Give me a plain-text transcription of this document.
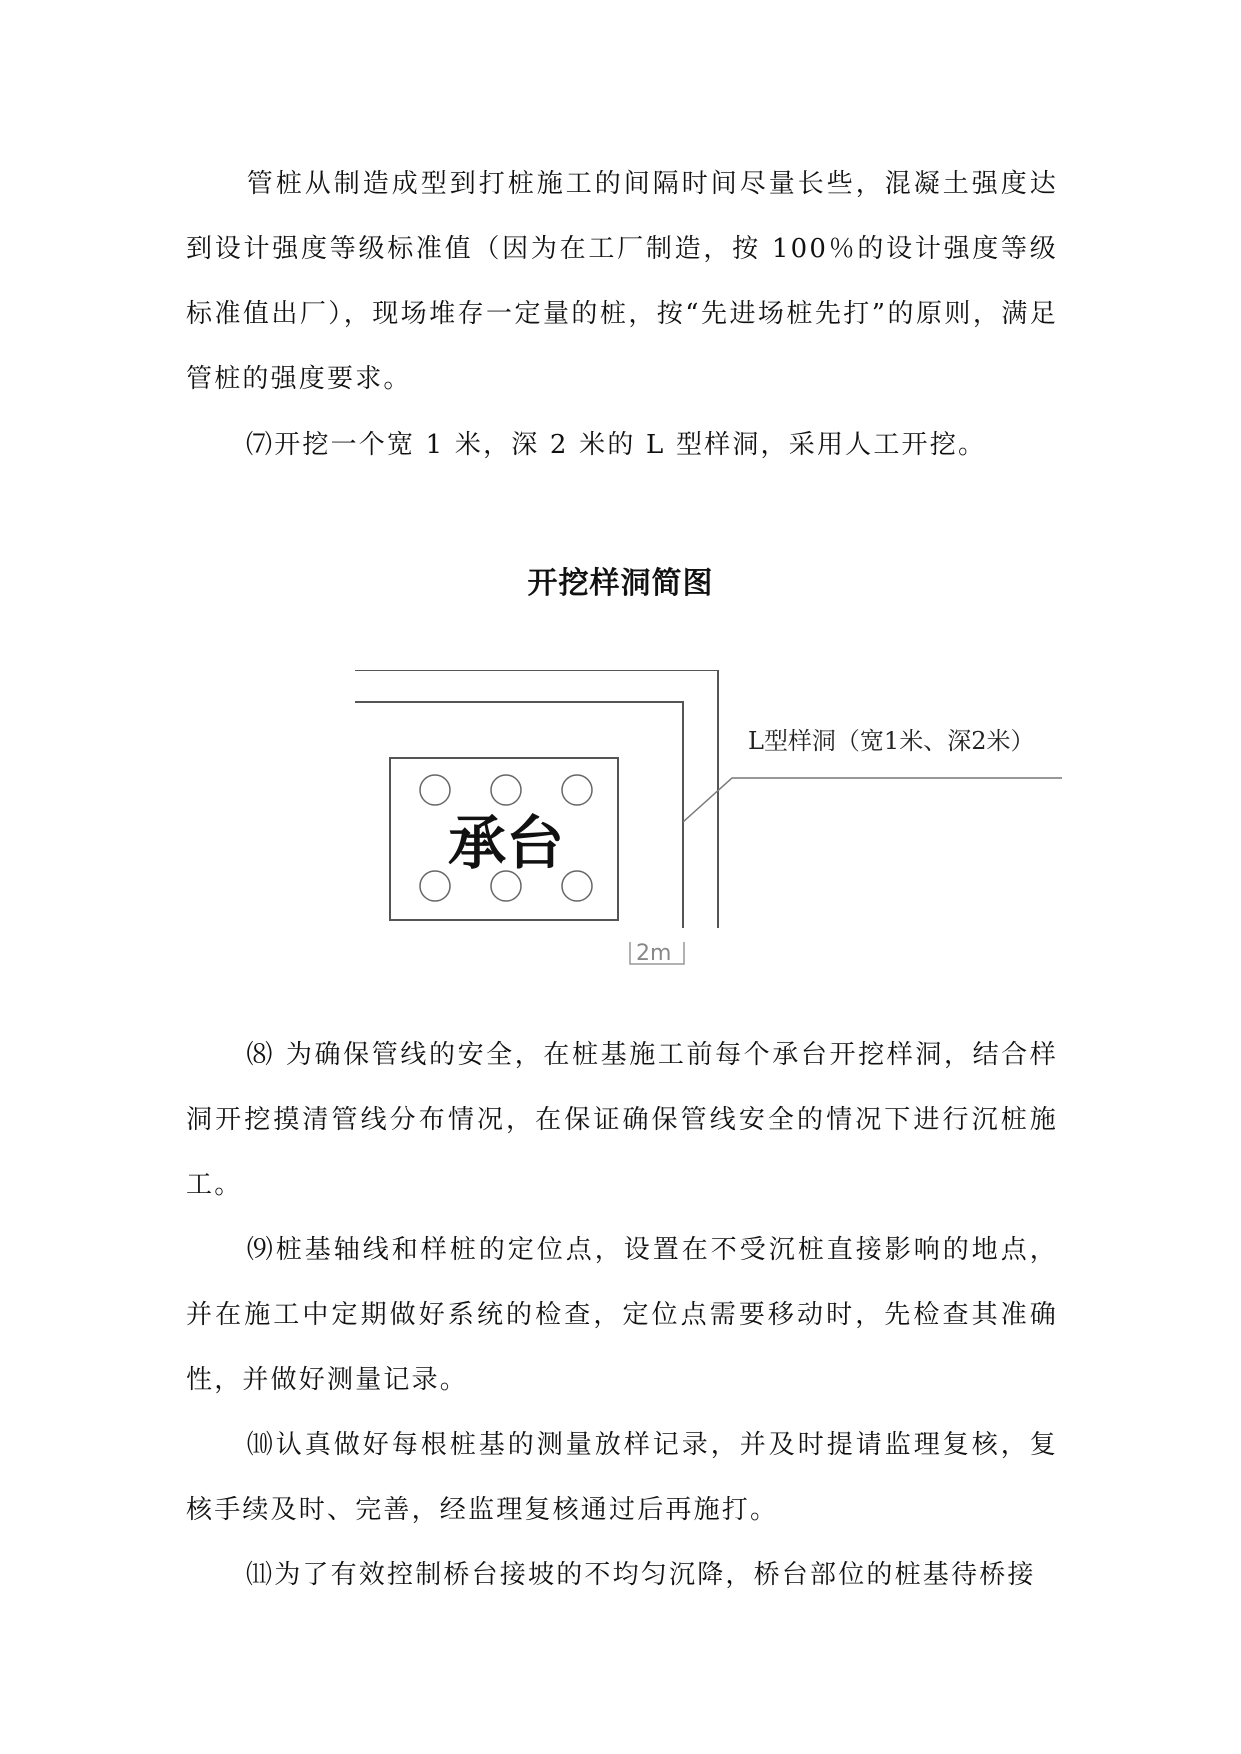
管桩从制造成型到打桩施工的间隔时间尽量长些，混凝土强度达到设计强度等级标准值（因为在工厂制造，按 100％的设计强度等级标准值出厂），现场堆存一定量的桩，按“先进场桩先打”的原则，满足管桩的强度要求。

⑺开挖一个宽 1 米，深 2 米的 L 型样洞，采用人工开挖。

开挖样洞简图
承台
L型样洞（宽1米、深2米）
2m

⑻ 为确保管线的安全，在桩基施工前每个承台开挖样洞，结合样洞开挖摸清管线分布情况，在保证确保管线安全的情况下进行沉桩施工。

⑼桩基轴线和样桩的定位点，设置在不受沉桩直接影响的地点，并在施工中定期做好系统的检查，定位点需要移动时，先检查其准确性，并做好测量记录。

⑽认真做好每根桩基的测量放样记录，并及时提请监理复核，复核手续及时、完善，经监理复核通过后再施打。

⑾为了有效控制桥台接坡的不均匀沉降，桥台部位的桩基待桥接
